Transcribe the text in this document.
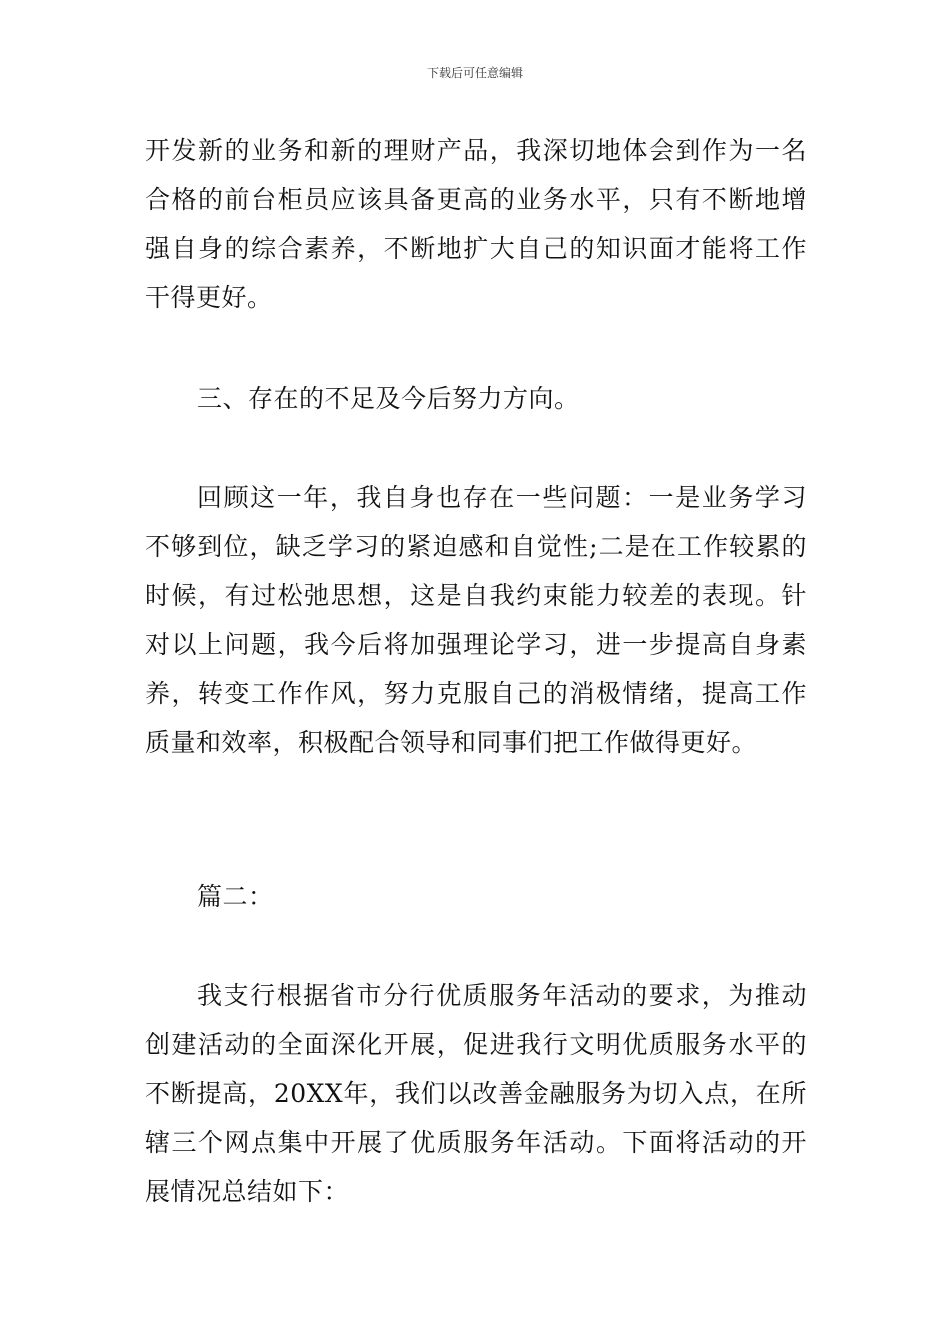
下载后可任意编辑

开发新的业务和新的理财产品，我深切地体会到作为一名合格的前台柜员应该具备更高的业务水平，只有不断地增强自身的综合素养，不断地扩大自己的知识面才能将工作干得更好。

三、存在的不足及今后努力方向。

回顾这一年，我自身也存在一些问题：一是业务学习不够到位，缺乏学习的紧迫感和自觉性;二是在工作较累的时候，有过松弛思想，这是自我约束能力较差的表现。针对以上问题，我今后将加强理论学习，进一步提高自身素养，转变工作作风，努力克服自己的消极情绪，提高工作质量和效率，积极配合领导和同事们把工作做得更好。

篇二：

我支行根据省市分行优质服务年活动的要求，为推动创建活动的全面深化开展，促进我行文明优质服务水平的不断提高，20XX年，我们以改善金融服务为切入点，在所辖三个网点集中开展了优质服务年活动。下面将活动的开展情况总结如下：
